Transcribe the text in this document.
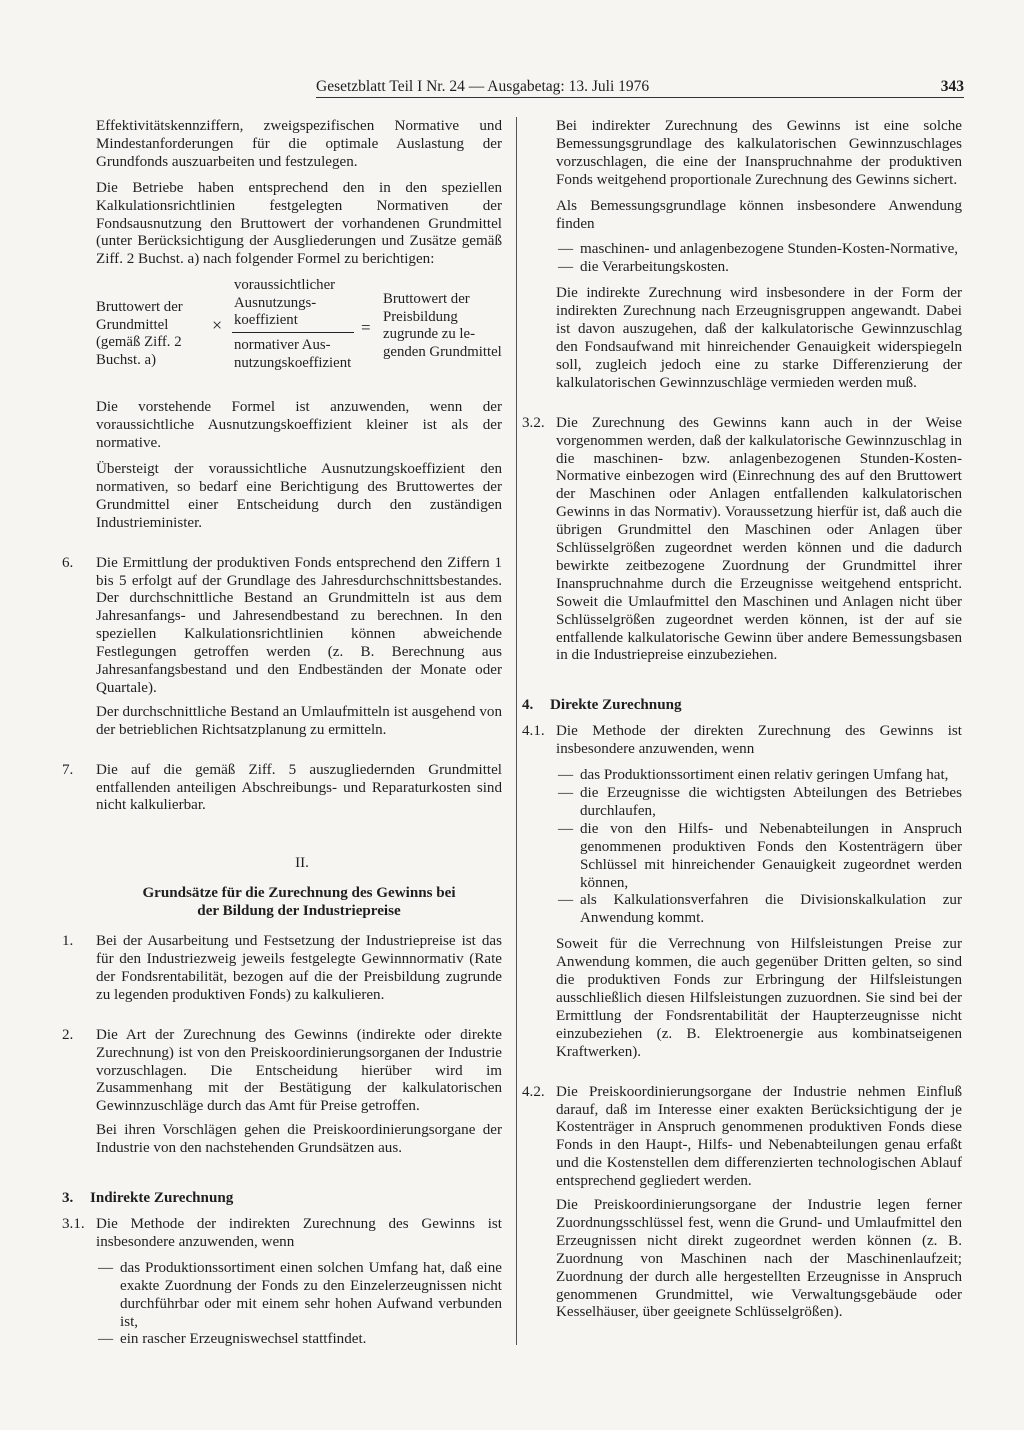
Gesetzblatt Teil I Nr. 24 — Ausgabetag: 13. Juli 1976	343

Effektivitätskennziffern, zweigspezifischen Normative und Mindestanforderungen für die optimale Auslastung der Grundfonds auszuarbeiten und festzulegen.

Die Betriebe haben entsprechend den in den speziellen Kalkulationsrichtlinien festgelegten Normativen der Fondsausnutzung den Bruttowert der vorhandenen Grundmittel (unter Berücksichtigung der Ausgliederungen und Zusätze gemäß Ziff. 2 Buchst. a) nach folgender Formel zu berichtigen:

Bruttowert der Grundmittel (gemäß Ziff. 2 Buchst. a)
×
voraussichtlicher Ausnutzungskoeffizient
normativer Ausnutzungskoeffizient
=
Bruttowert der Preisbildung zugrunde zu legenden Grundmittel

Die vorstehende Formel ist anzuwenden, wenn der voraussichtliche Ausnutzungskoeffizient kleiner ist als der normative.

Übersteigt der voraussichtliche Ausnutzungskoeffizient den normativen, so bedarf eine Berichtigung des Bruttowertes der Grundmittel einer Entscheidung durch den zuständigen Industrieminister.

6. Die Ermittlung der produktiven Fonds entsprechend den Ziffern 1 bis 5 erfolgt auf der Grundlage des Jahresdurchschnittsbestandes. Der durchschnittliche Bestand an Grundmitteln ist aus dem Jahresanfangs- und Jahresendbestand zu berechnen. In den speziellen Kalkulationsrichtlinien können abweichende Festlegungen getroffen werden (z. B. Berechnung aus Jahresanfangsbestand und den Endbeständen der Monate oder Quartale).

Der durchschnittliche Bestand an Umlaufmitteln ist ausgehend von der betrieblichen Richtsatzplanung zu ermitteln.

7. Die auf die gemäß Ziff. 5 auszugliedernden Grundmittel entfallenden anteiligen Abschreibungs- und Reparaturkosten sind nicht kalkulierbar.

II.
Grundsätze für die Zurechnung des Gewinns bei der Bildung der Industriepreise
1. Bei der Ausarbeitung und Festsetzung der Industriepreise ist das für den Industriezweig jeweils festgelegte Gewinnnormativ (Rate der Fondsrentabilität, bezogen auf die der Preisbildung zugrunde zu legenden produktiven Fonds) zu kalkulieren.

2. Die Art der Zurechnung des Gewinns (indirekte oder direkte Zurechnung) ist von den Preiskoordinierungsorganen der Industrie vorzuschlagen. Die Entscheidung hierüber wird im Zusammenhang mit der Bestätigung der kalkulatorischen Gewinnzuschläge durch das Amt für Preise getroffen.

Bei ihren Vorschlägen gehen die Preiskoordinierungsorgane der Industrie von den nachstehenden Grundsätzen aus.

3. Indirekte Zurechnung
3.1. Die Methode der indirekten Zurechnung des Gewinns ist insbesondere anzuwenden, wenn

— das Produktionssortiment einen solchen Umfang hat, daß eine exakte Zuordnung der Fonds zu den Einzelerzeugnissen nicht durchführbar oder mit einem sehr hohen Aufwand verbunden ist,
— ein rascher Erzeugniswechsel stattfindet.

Bei indirekter Zurechnung des Gewinns ist eine solche Bemessungsgrundlage des kalkulatorischen Gewinnzuschlages vorzuschlagen, die eine der Inanspruchnahme der produktiven Fonds weitgehend proportionale Zurechnung des Gewinns sichert.

Als Bemessungsgrundlage können insbesondere Anwendung finden

— maschinen- und anlagenbezogene Stunden-Kosten-Normative,
— die Verarbeitungskosten.

Die indirekte Zurechnung wird insbesondere in der Form der indirekten Zurechnung nach Erzeugnisgruppen angewandt. Dabei ist davon auszugehen, daß der kalkulatorische Gewinnzuschlag den Fondsaufwand mit hinreichender Genauigkeit widerspiegeln soll, zugleich jedoch eine zu starke Differenzierung der kalkulatorischen Gewinnzuschläge vermieden werden muß.

3.2. Die Zurechnung des Gewinns kann auch in der Weise vorgenommen werden, daß der kalkulatorische Gewinnzuschlag in die maschinen- bzw. anlagenbezogenen Stunden-Kosten-Normative einbezogen wird (Einrechnung des auf den Bruttowert der Maschinen oder Anlagen entfallenden kalkulatorischen Gewinns in das Normativ). Voraussetzung hierfür ist, daß auch die übrigen Grundmittel den Maschinen oder Anlagen über Schlüsselgrößen zugeordnet werden können und die dadurch bewirkte zeitbezogene Zuordnung der Grundmittel ihrer Inanspruchnahme durch die Erzeugnisse weitgehend entspricht. Soweit die Umlaufmittel den Maschinen und Anlagen nicht über Schlüsselgrößen zugeordnet werden können, ist der auf sie entfallende kalkulatorische Gewinn über andere Bemessungsbasen in die Industriepreise einzubeziehen.

4. Direkte Zurechnung
4.1. Die Methode der direkten Zurechnung des Gewinns ist insbesondere anzuwenden, wenn

— das Produktionssortiment einen relativ geringen Umfang hat,
— die Erzeugnisse die wichtigsten Abteilungen des Betriebes durchlaufen,
— die von den Hilfs- und Nebenabteilungen in Anspruch genommenen produktiven Fonds den Kostenträgern über Schlüssel mit hinreichender Genauigkeit zugeordnet werden können,
— als Kalkulationsverfahren die Divisionskalkulation zur Anwendung kommt.

Soweit für die Verrechnung von Hilfsleistungen Preise zur Anwendung kommen, die auch gegenüber Dritten gelten, so sind die produktiven Fonds zur Erbringung der Hilfsleistungen ausschließlich diesen Hilfsleistungen zuzuordnen. Sie sind bei der Ermittlung der Fondsrentabilität der Haupterzeugnisse nicht einzubeziehen (z. B. Elektroenergie aus kombinatseigenen Kraftwerken).

4.2. Die Preiskoordinierungsorgane der Industrie nehmen Einfluß darauf, daß im Interesse einer exakten Berücksichtigung der je Kostenträger in Anspruch genommenen produktiven Fonds diese Fonds in den Haupt-, Hilfs- und Nebenabteilungen genau erfaßt und die Kostenstellen dem differenzierten technologischen Ablauf entsprechend gegliedert werden.

Die Preiskoordinierungsorgane der Industrie legen ferner Zuordnungsschlüssel fest, wenn die Grund- und Umlaufmittel den Erzeugnissen nicht direkt zugeordnet werden können (z. B. Zuordnung von Maschinen nach der Maschinenlaufzeit; Zuordnung der durch alle hergestellten Erzeugnisse in Anspruch genommenen Grundmittel, wie Verwaltungsgebäude oder Kesselhäuser, über geeignete Schlüsselgrößen).
